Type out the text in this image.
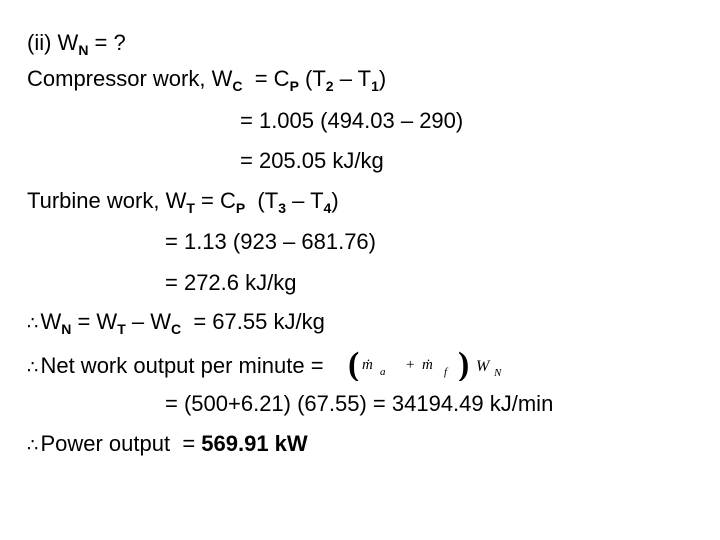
(ii) $W_N$ = ?
Compressor work, $W_C = C_P$ $(T_2 - T_1)$
= 1.005 (494.03 – 290)
= 205.05 kJ/kg
Turbine work, $W_T = C_P$  $(T_3 - T_4)$
= 1.13 (923 – 681.76)
= 272.6 kJ/kg
$\therefore W_N = W_T - W_C = 67.55$ kJ/kg
∴Net work output per minute = ( ṁ a + ṁ f ) W N
= (500+6.21) (67.55) = 34194.49 kJ/min
∴Power output  = 569.91 kW
